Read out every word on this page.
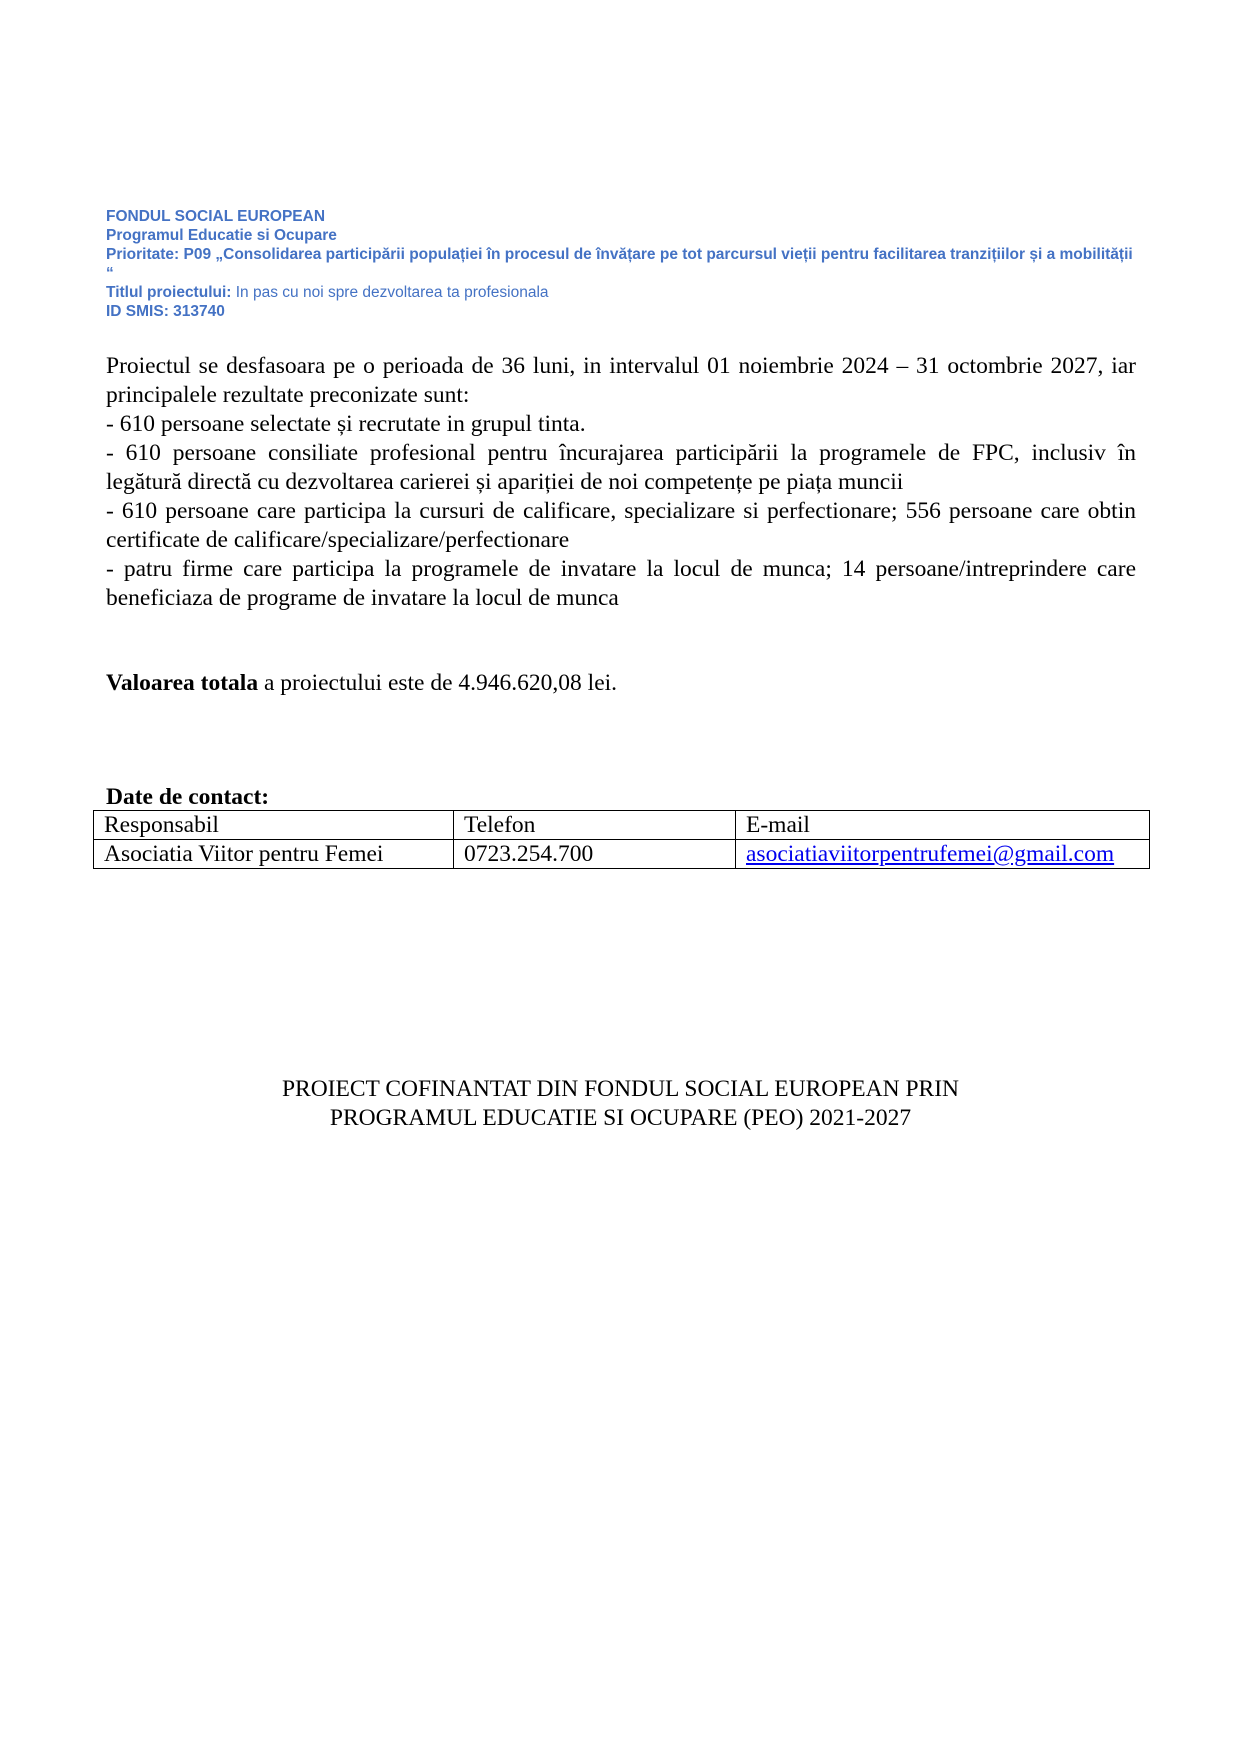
FONDUL SOCIAL EUROPEAN
Programul Educatie si Ocupare
Prioritate: P09 „Consolidarea participării populației în procesul de învățare pe tot parcursul vieții pentru facilitarea tranzițiilor și a mobilității “
Titlul proiectului: In pas cu noi spre dezvoltarea ta profesionala
ID SMIS: 313740

Proiectul se desfasoara pe o perioada de 36 luni, in intervalul 01 noiembrie 2024 – 31 octombrie 2027, iar principalele rezultate preconizate sunt:

- 610 persoane selectate și recrutate in grupul tinta.

- 610 persoane consiliate profesional pentru încurajarea participării la programele de FPC, inclusiv în legătură directă cu dezvoltarea carierei și apariției de noi competențe pe piața muncii

- 610 persoane care participa la cursuri de calificare, specializare si perfectionare; 556 persoane care obtin certificate de calificare/specializare/perfectionare

- patru firme care participa la programele de invatare la locul de munca; 14 persoane/intreprindere care beneficiaza de programe de invatare la locul de munca

Valoarea totala a proiectului este de 4.946.620,08 lei.
Date de contact:
Responsabil	Telefon	E-mail
Asociatia Viitor pentru Femei	0723.254.700	asociatiaviitorpentrufemei@gmail.com
PROIECT COFINANTAT DIN FONDUL SOCIAL EUROPEAN PRIN
PROGRAMUL EDUCATIE SI OCUPARE (PEO) 2021-2027
